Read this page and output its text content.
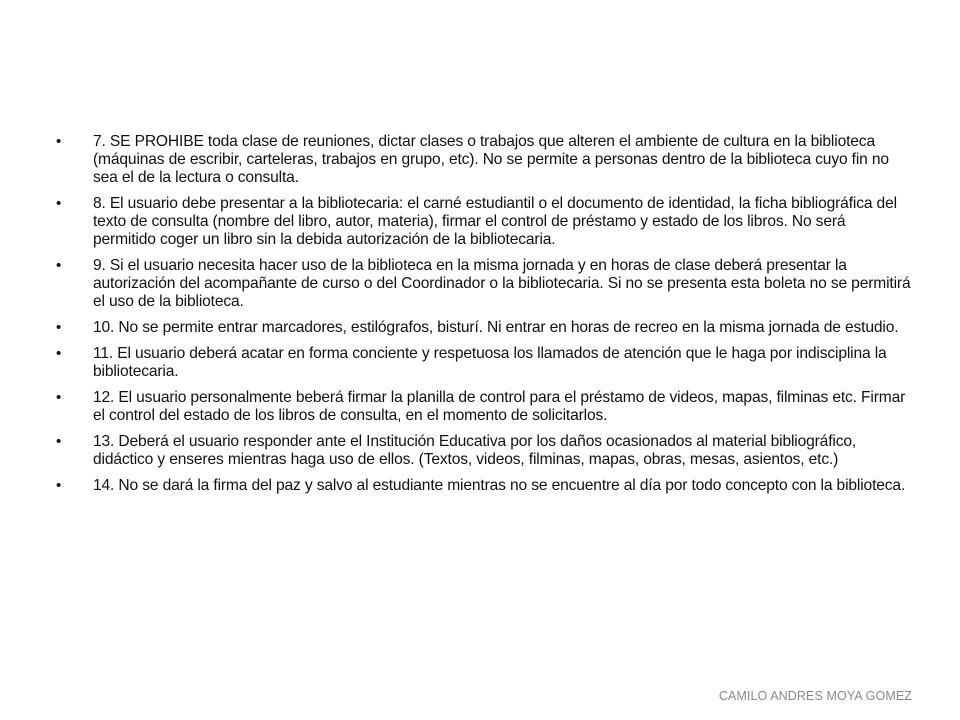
• 7. SE PROHIBE toda clase de reuniones, dictar clases o trabajos que alteren el ambiente de cultura en la biblioteca (máquinas de escribir, carteleras, trabajos en grupo, etc). No se permite a personas dentro de la biblioteca cuyo fin no sea el de la lectura o consulta.
• 8. El usuario debe presentar a la bibliotecaria: el carné estudiantil o el documento de identidad, la ficha bibliográfica del texto de consulta (nombre del libro, autor, materia), firmar el control de préstamo y estado de los libros. No será permitido coger un libro sin la debida autorización de la bibliotecaria.
• 9. Si el usuario necesita hacer uso de la biblioteca en la misma jornada y en horas de clase deberá presentar la autorización del acompañante de curso o del Coordinador o la bibliotecaria. Si no se presenta esta boleta no se permitirá el uso de la biblioteca.
• 10. No se permite entrar marcadores, estilógrafos, bisturí. Ni entrar en horas de recreo en la misma jornada de estudio.
• 11. El usuario deberá acatar en forma conciente y respetuosa los llamados de atención que le haga por indisciplina la bibliotecaria.
• 12. El usuario personalmente beberá firmar la planilla de control para el préstamo de videos, mapas, filminas etc. Firmar el control del estado de los libros de consulta, en el momento de solicitarlos.
• 13. Deberá el usuario responder ante el Institución Educativa por los daños ocasionados al material bibliográfico, didáctico y enseres mientras haga uso de ellos. (Textos, videos, filminas, mapas, obras, mesas, asientos, etc.)
• 14. No se dará la firma del paz y salvo al estudiante mientras no se encuentre al día por todo concepto con la biblioteca.
CAMILO ANDRES MOYA GOMEZ
